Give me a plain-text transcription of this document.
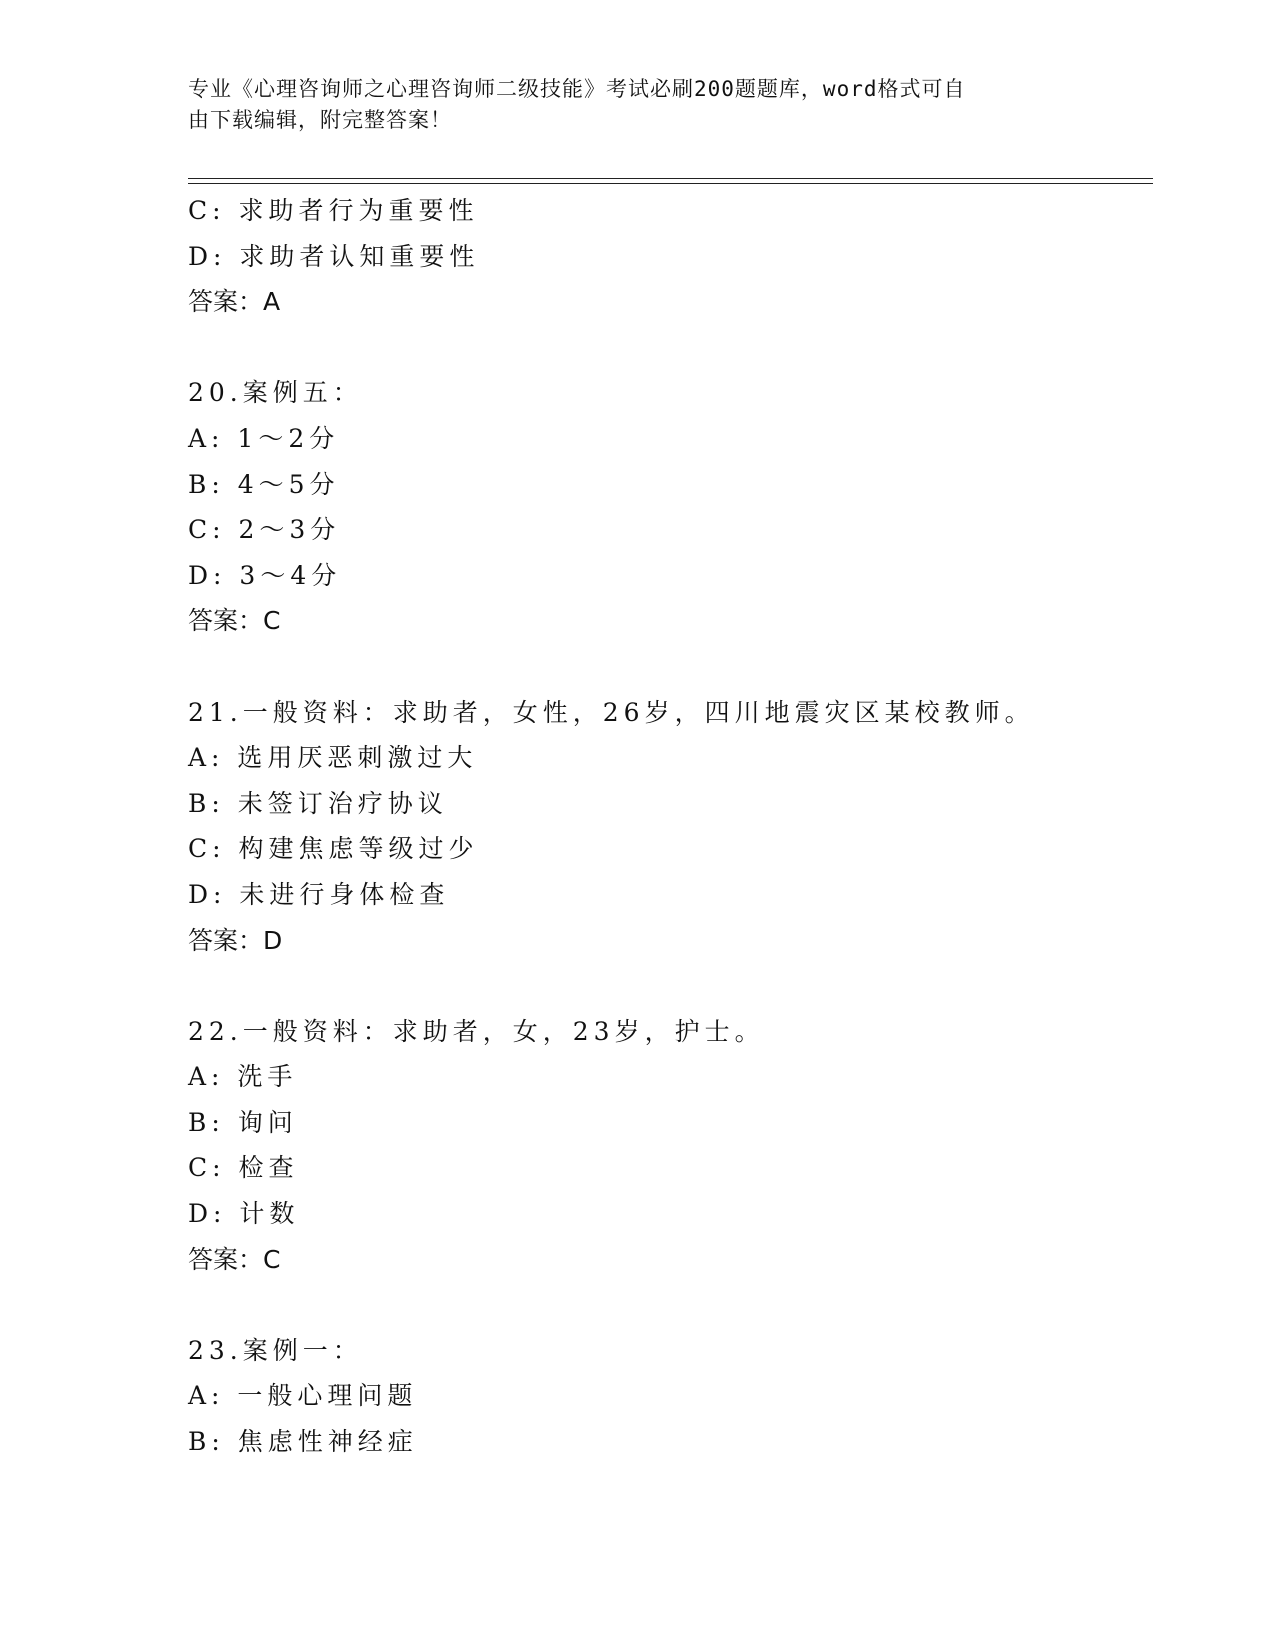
专业《心理咨询师之心理咨询师二级技能》考试必刷200题题库，word格式可自
由下载编辑，附完整答案！
C: 求助者行为重要性
D: 求助者认知重要性
答案：A
20.案例五：
A: 1～2分
B: 4～5分
C: 2～3分
D: 3～4分
答案：C
21.一般资料：求助者，女性，26岁，四川地震灾区某校教师。
A: 选用厌恶刺激过大
B: 未签订治疗协议
C: 构建焦虑等级过少
D: 未进行身体检查
答案：D
22.一般资料：求助者，女，23岁，护士。
A: 洗手
B: 询问
C: 检查
D: 计数
答案：C
23.案例一：
A: 一般心理问题
B: 焦虑性神经症
